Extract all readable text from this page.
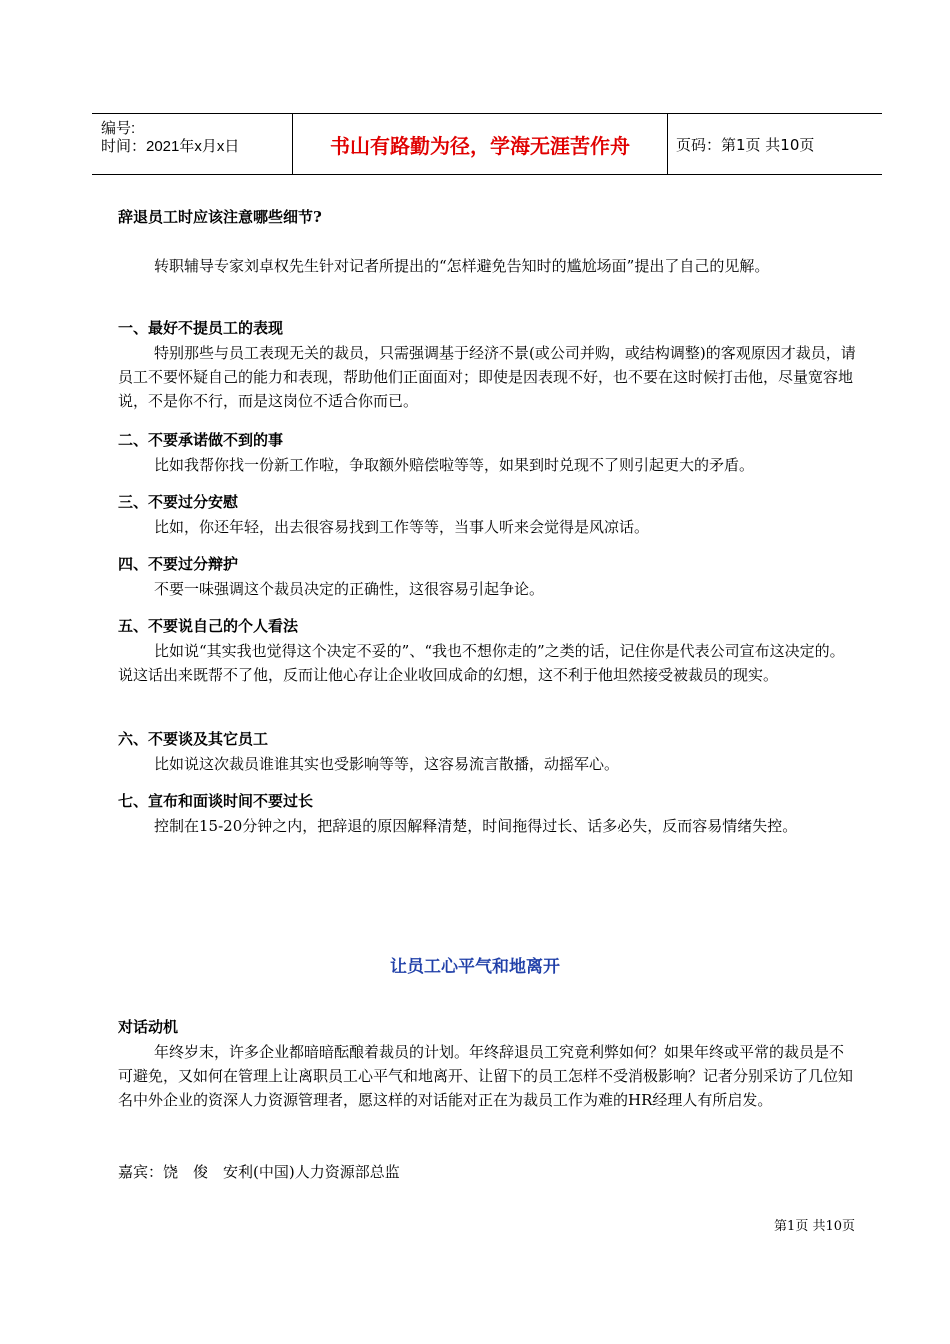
编号:
时间：2021年x月x日	书山有路勤为径，学海无涯苦作舟	页码：第1页 共10页
辞退员工时应该注意哪些细节?
转职辅导专家刘卓权先生针对记者所提出的“怎样避免告知时的尴尬场面”提出了自己的见解。
一、最好不提员工的表现
特别那些与员工表现无关的裁员，只需强调基于经济不景(或公司并购，或结构调整)的客观原因才裁员，请员工不要怀疑自己的能力和表现，帮助他们正面面对；即使是因表现不好，也不要在这时候打击他，尽量宽容地说，不是你不行，而是这岗位不适合你而已。
二、不要承诺做不到的事
比如我帮你找一份新工作啦，争取额外赔偿啦等等，如果到时兑现不了则引起更大的矛盾。
三、不要过分安慰
比如，你还年轻，出去很容易找到工作等等，当事人听来会觉得是风凉话。
四、不要过分辩护
不要一味强调这个裁员决定的正确性，这很容易引起争论。
五、不要说自己的个人看法
比如说“其实我也觉得这个决定不妥的”、“我也不想你走的”之类的话，记住你是代表公司宣布这决定的。说这话出来既帮不了他，反而让他心存让企业收回成命的幻想，这不利于他坦然接受被裁员的现实。
六、不要谈及其它员工
比如说这次裁员谁谁其实也受影响等等，这容易流言散播，动摇军心。
七、宣布和面谈时间不要过长
控制在15-20分钟之内，把辞退的原因解释清楚，时间拖得过长、话多必失，反而容易情绪失控。
让员工心平气和地离开
对话动机
年终岁末，许多企业都暗暗酝酿着裁员的计划。年终辞退员工究竟利弊如何？如果年终或平常的裁员是不可避免，又如何在管理上让离职员工心平气和地离开、让留下的员工怎样不受消极影响？记者分别采访了几位知名中外企业的资深人力资源管理者，愿这样的对话能对正在为裁员工作为难的HR经理人有所启发。
嘉宾：饶　俊　安利(中国)人力资源部总监
第1页 共10页
